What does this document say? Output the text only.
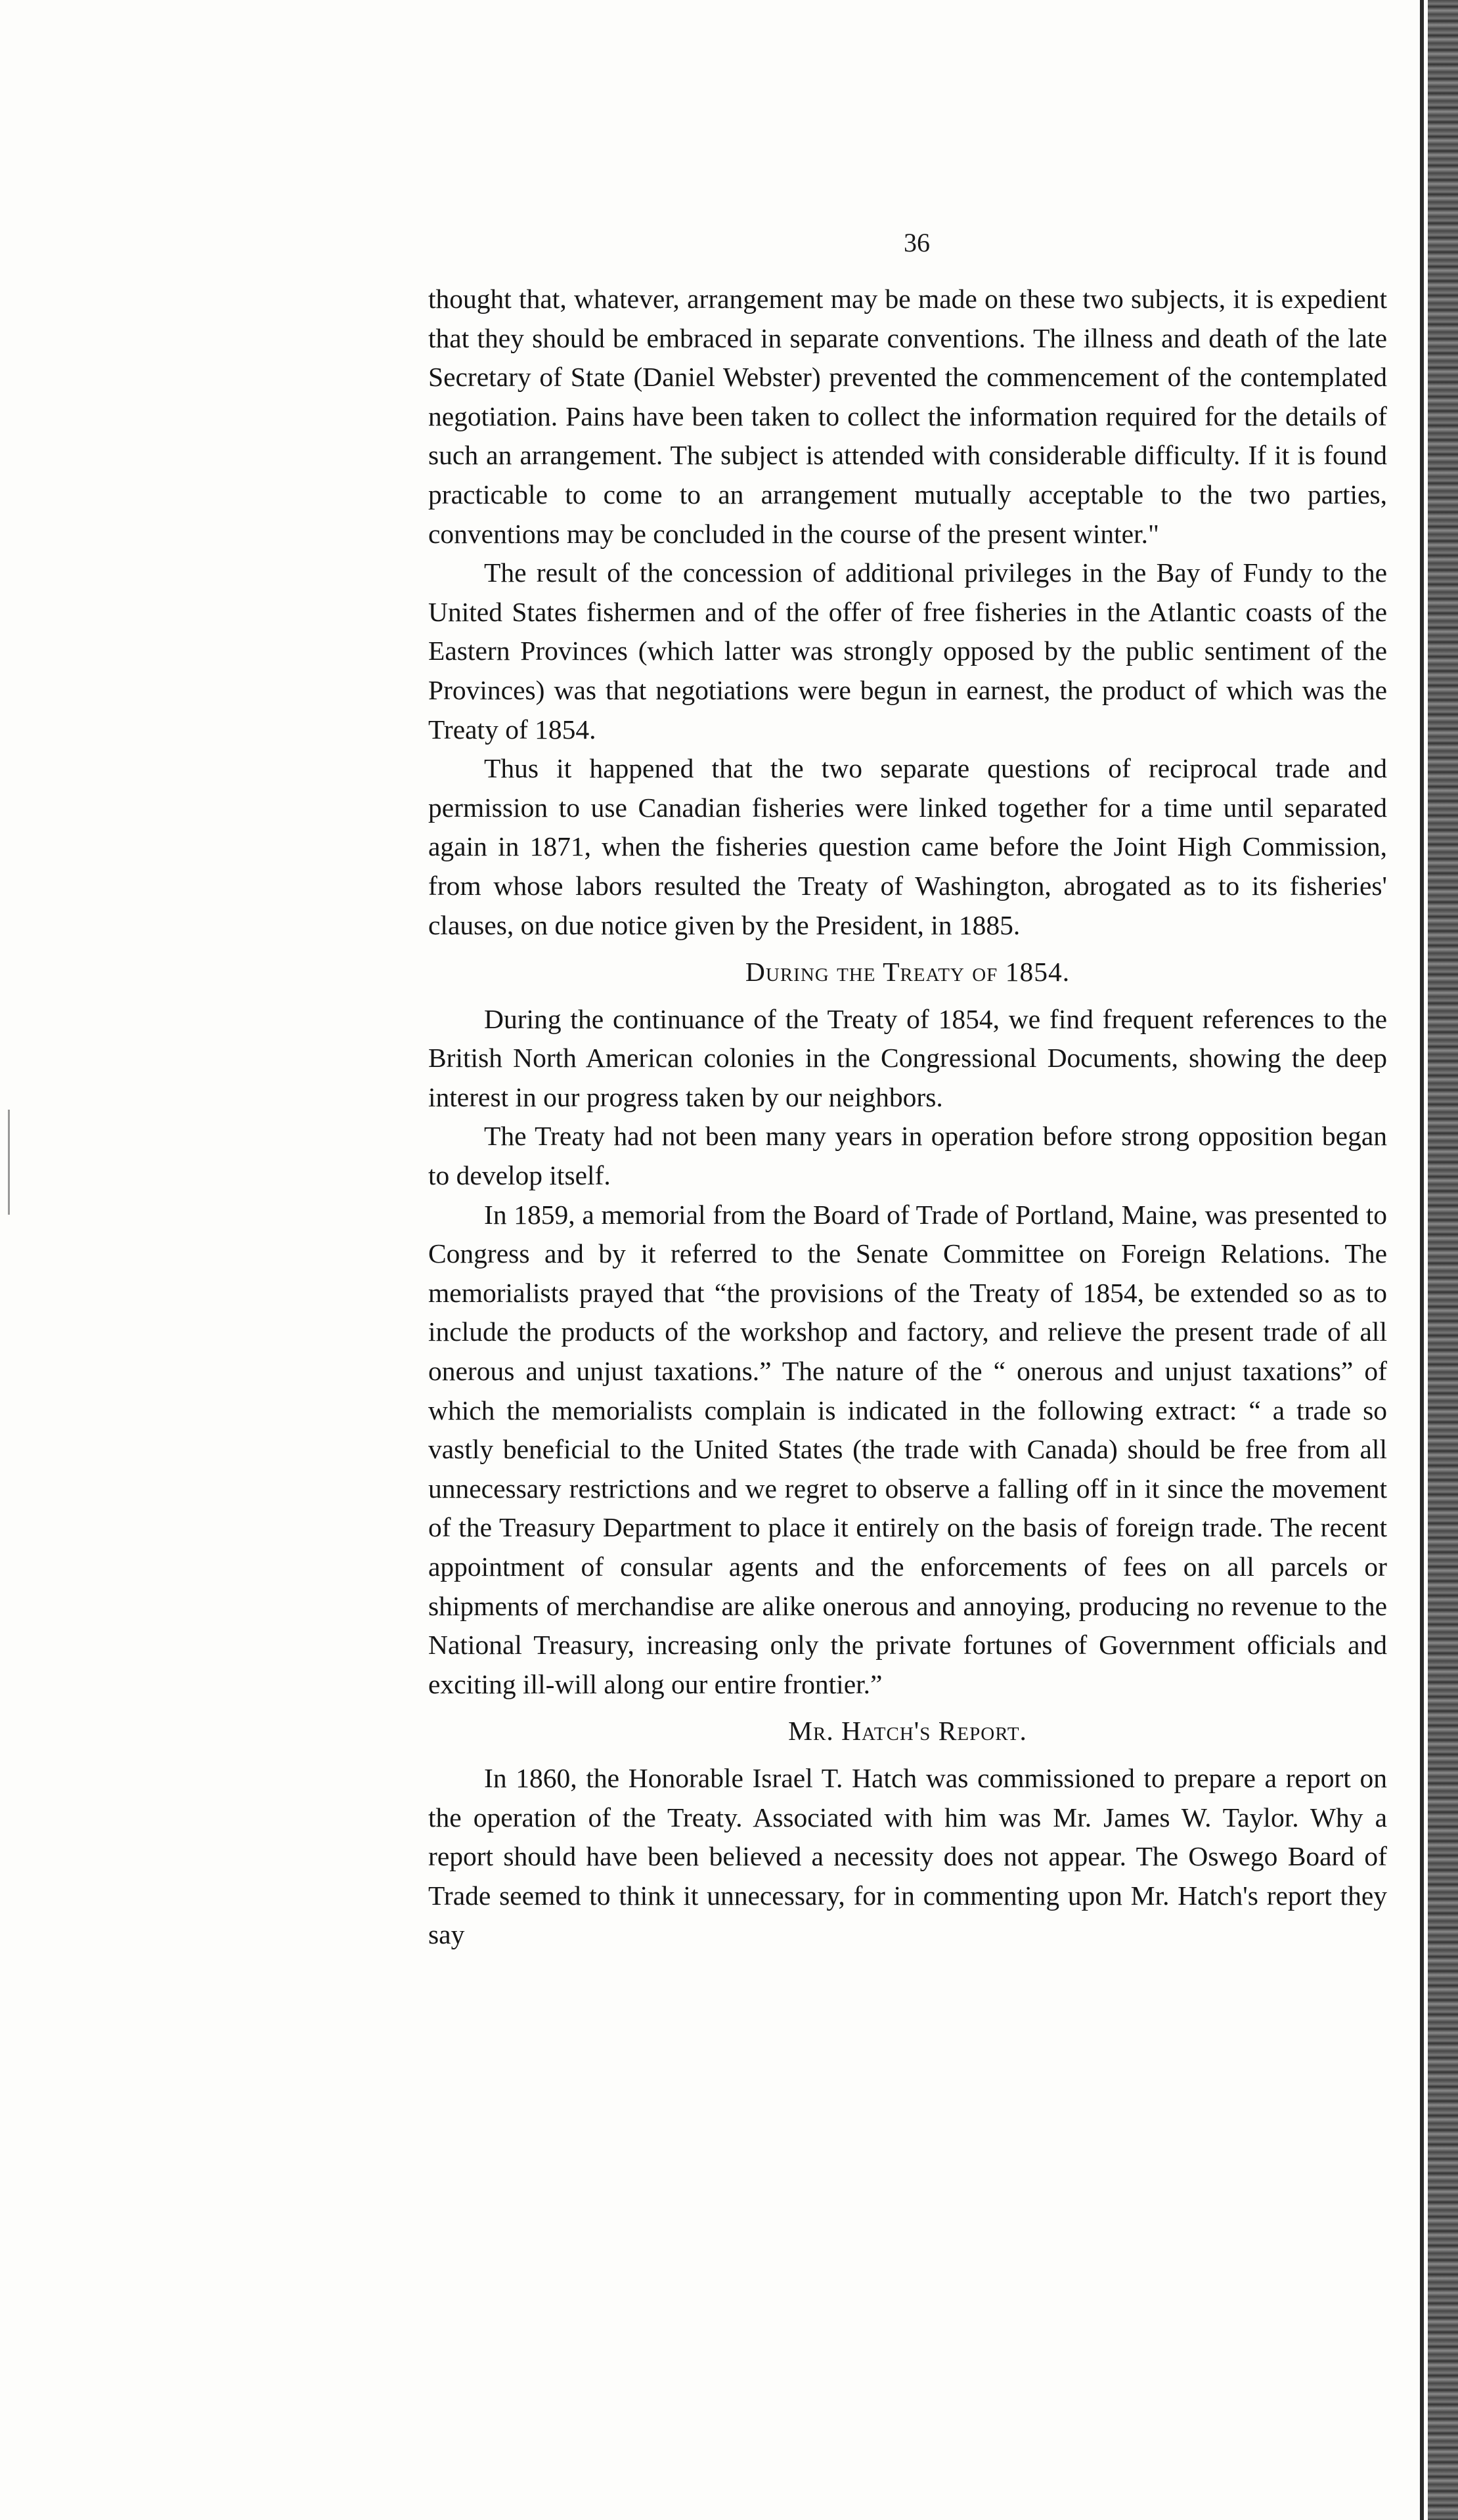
36

thought that, whatever, arrangement may be made on these two subjects, it is expedient that they should be embraced in separate conventions. The illness and death of the late Secretary of State (Daniel Webster) prevented the commencement of the contemplated negotiation. Pains have been taken to collect the information required for the details of such an arrangement. The subject is attended with considerable difficulty. If it is found practicable to come to an arrangement mutually acceptable to the two parties, conventions may be concluded in the course of the present winter."

The result of the concession of additional privileges in the Bay of Fundy to the United States fishermen and of the offer of free fisheries in the Atlantic coasts of the Eastern Provinces (which latter was strongly opposed by the public sentiment of the Provinces) was that negotiations were begun in earnest, the product of which was the Treaty of 1854.

Thus it happened that the two separate questions of reciprocal trade and permission to use Canadian fisheries were linked together for a time until separated again in 1871, when the fisheries question came before the Joint High Commission, from whose labors resulted the Treaty of Washington, abrogated as to its fisheries' clauses, on due notice given by the President, in 1885.

During the Treaty of 1854.

During the continuance of the Treaty of 1854, we find frequent references to the British North American colonies in the Congressional Documents, showing the deep interest in our progress taken by our neighbors.

The Treaty had not been many years in operation before strong opposition began to develop itself.

In 1859, a memorial from the Board of Trade of Portland, Maine, was presented to Congress and by it referred to the Senate Committee on Foreign Relations. The memorialists prayed that “the provisions of the Treaty of 1854, be extended so as to include the products of the workshop and factory, and relieve the present trade of all onerous and unjust taxations.” The nature of the “ onerous and unjust taxations” of which the memorialists complain is indicated in the following extract: “ a trade so vastly beneficial to the United States (the trade with Canada) should be free from all unnecessary restrictions and we regret to observe a falling off in it since the movement of the Treasury Department to place it entirely on the basis of foreign trade. The recent appointment of consular agents and the enforcements of fees on all parcels or shipments of merchandise are alike onerous and annoying, producing no revenue to the National Treasury, increasing only the private fortunes of Government officials and exciting ill-will along our entire frontier.”

Mr. Hatch's Report.

In 1860, the Honorable Israel T. Hatch was commissioned to prepare a report on the operation of the Treaty. Associated with him was Mr. James W. Taylor. Why a report should have been believed a necessity does not appear. The Oswego Board of Trade seemed to think it unnecessary, for in commenting upon Mr. Hatch's report they say
